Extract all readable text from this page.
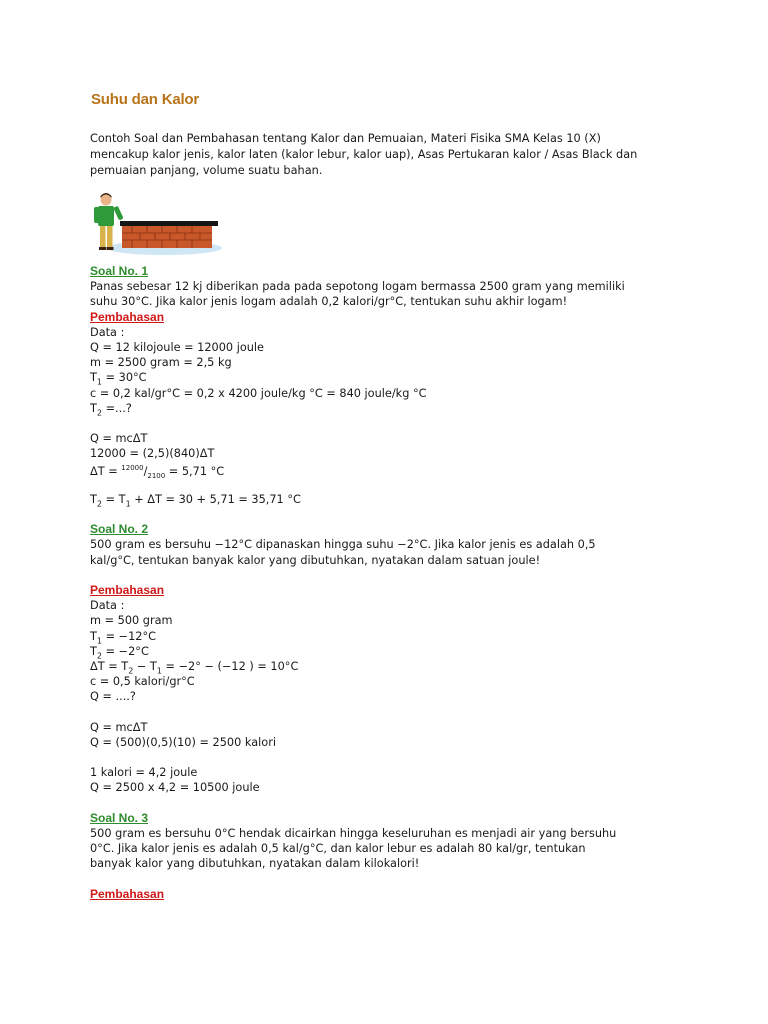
Suhu dan Kalor
Contoh Soal dan Pembahasan tentang Kalor dan Pemuaian, Materi Fisika SMA Kelas 10 (X) mencakup kalor jenis, kalor laten (kalor lebur, kalor uap), Asas Pertukaran kalor / Asas Black dan pemuaian panjang, volume suatu bahan.
Soal No. 1
Panas sebesar 12 kj diberikan pada pada sepotong logam bermassa 2500 gram yang memiliki
suhu 30°C. Jika kalor jenis logam adalah 0,2 kalori/gr°C, tentukan suhu akhir logam!
Pembahasan
Data :
Q = 12 kilojoule = 12000 joule
m = 2500 gram = 2,5 kg
$T_1 = 30^\circ C$
c = 0,2 kal/gr°C = 0,2 x 4200 joule/kg °C = 840 joule/kg °C
$T_2$ =...?
Q = mcΔT
12000 = (2,5)(840)ΔT
$\Delta T = ^{12000}/_{2100} = 5,71$ °C
$T_2 = T_1 + \Delta T = 30 + 5,71 = 35,71$ °C
Soal No. 2
500 gram es bersuhu −12°C dipanaskan hingga suhu −2°C. Jika kalor jenis es adalah 0,5
kal/g°C, tentukan banyak kalor yang dibutuhkan, nyatakan dalam satuan joule!
Pembahasan
Data :
m = 500 gram
$T_1 = -12^\circ C$
$T_2 = -2^\circ C$
$\Delta T = T_2 - T_1 = -2^\circ - (-12$ ) = 10°C
c = 0,5 kalori/gr°C
Q = ....?
Q = mcΔT
Q = (500)(0,5)(10) = 2500 kalori
1 kalori = 4,2 joule
Q = 2500 x 4,2 = 10500 joule
Soal No. 3
500 gram es bersuhu 0°C hendak dicairkan hingga keseluruhan es menjadi air yang bersuhu
0°C. Jika kalor jenis es adalah 0,5 kal/g°C, dan kalor lebur es adalah 80 kal/gr, tentukan
banyak kalor yang dibutuhkan, nyatakan dalam kilokalori!
Pembahasan
